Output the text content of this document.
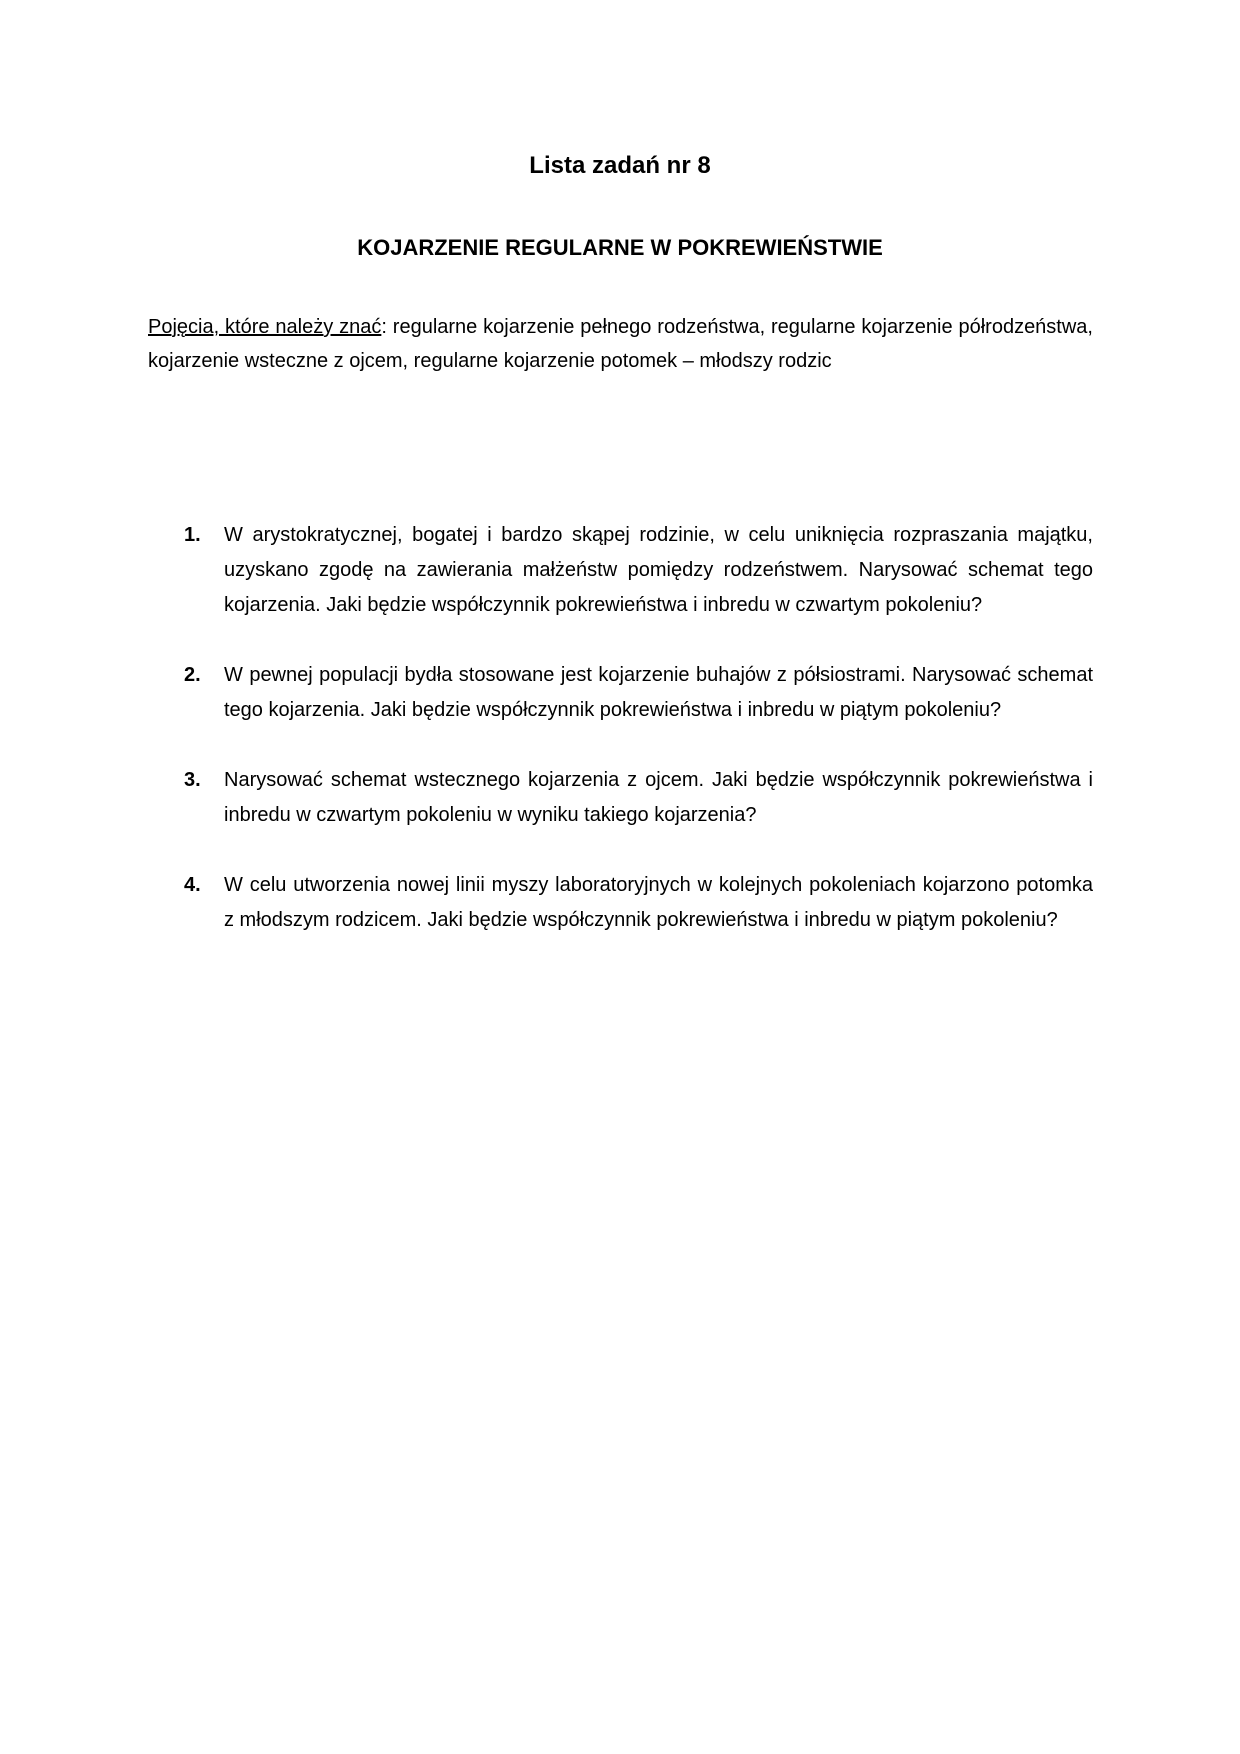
Lista zadań nr 8
KOJARZENIE REGULARNE W POKREWIEŃSTWIE
Pojęcia, które należy znać: regularne kojarzenie pełnego rodzeństwa, regularne kojarzenie półrodzeństwa, kojarzenie wsteczne z ojcem, regularne kojarzenie potomek – młodszy rodzic
1. W arystokratycznej, bogatej i bardzo skąpej rodzinie, w celu uniknięcia rozpraszania majątku, uzyskano zgodę na zawierania małżeństw pomiędzy rodzeństwem. Narysować schemat tego kojarzenia. Jaki będzie współczynnik pokrewieństwa i inbredu w czwartym pokoleniu?
2. W pewnej populacji bydła stosowane jest kojarzenie buhajów z półsiostrami. Narysować schemat tego kojarzenia. Jaki będzie współczynnik pokrewieństwa i inbredu w piątym pokoleniu?
3. Narysować schemat wstecznego kojarzenia z ojcem. Jaki będzie współczynnik pokrewieństwa i inbredu w czwartym pokoleniu w wyniku takiego kojarzenia?
4. W celu utworzenia nowej linii myszy laboratoryjnych w kolejnych pokoleniach kojarzono potomka z młodszym rodzicem. Jaki będzie współczynnik pokrewieństwa i inbredu w piątym pokoleniu?
